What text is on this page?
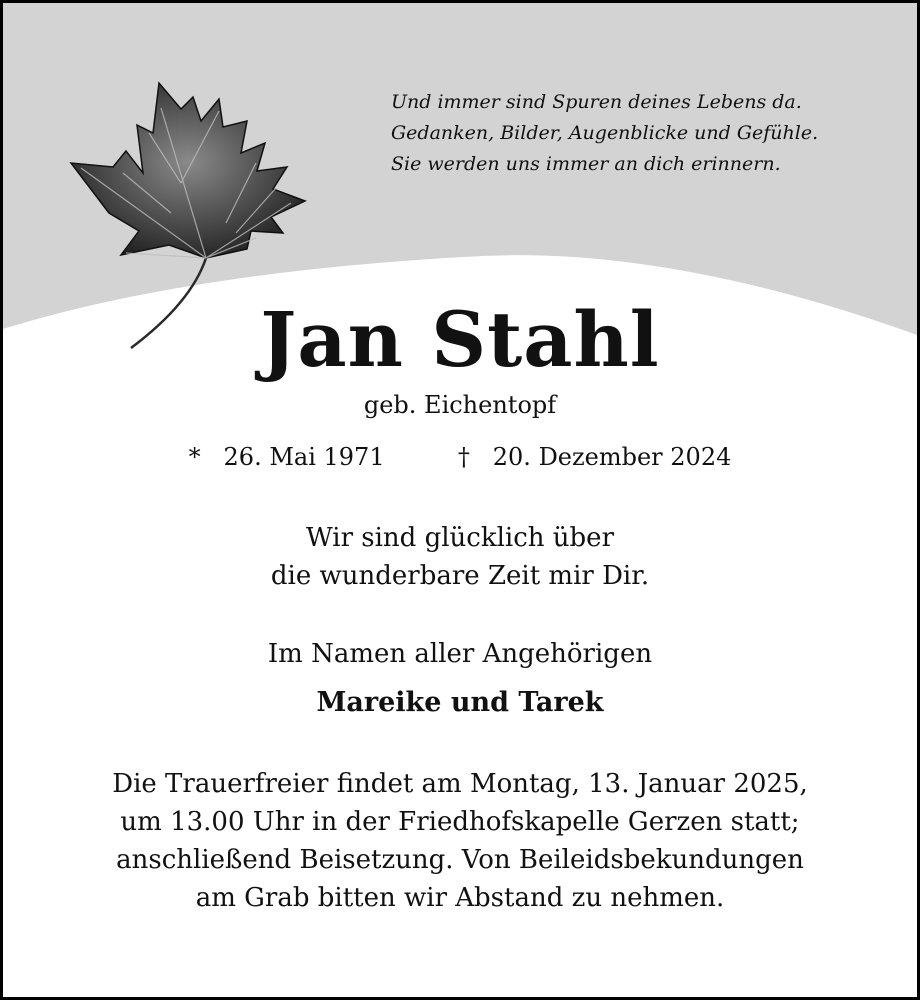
Und immer sind Spuren deines Lebens da.
Gedanken, Bilder, Augenblicke und Gefühle.
Sie werden uns immer an dich erinnern.
Jan Stahl
geb. Eichentopf
* 26. Mai 1971	† 20. Dezember 2024
Wir sind glücklich über
die wunderbare Zeit mir Dir.
Im Namen aller Angehörigen
Mareike und Tarek
Die Trauerfreier findet am Montag, 13. Januar 2025,
um 13.00 Uhr in der Friedhofskapelle Gerzen statt;
anschließend Beisetzung. Von Beileidsbekundungen
am Grab bitten wir Abstand zu nehmen.
